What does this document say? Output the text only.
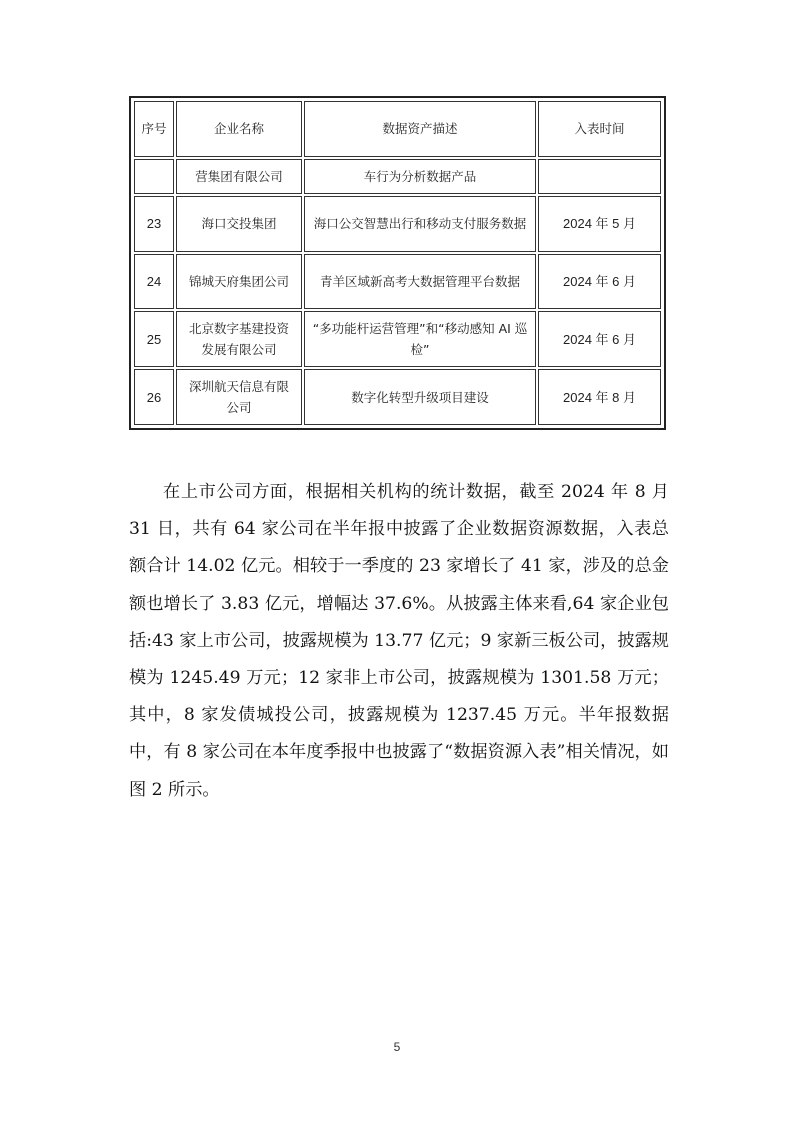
序号	企业名称	数据资产描述	入表时间
	营集团有限公司	车行为分析数据产品	
23	海口交投集团	海口公交智慧出行和移动支付服务数据	2024 年 5 月
24	锦城天府集团公司	青羊区域新高考大数据管理平台数据	2024 年 6 月
25	北京数字基建投资发展有限公司	“多功能杆运营管理”和“移动感知 AI 巡检”	2024 年 6 月
26	深圳航天信息有限公司	数字化转型升级项目建设	2024 年 8 月

在上市公司方面，根据相关机构的统计数据，截至 2024 年 8 月 31 日，共有 64 家公司在半年报中披露了企业数据资源数据，入表总额合计 14.02 亿元。相较于一季度的 23 家增长了 41 家，涉及的总金额也增长了 3.83 亿元，增幅达 37.6%。从披露主体来看,64 家企业包括:43 家上市公司，披露规模为 13.77 亿元；9 家新三板公司，披露规模为 1245.49 万元；12 家非上市公司，披露规模为 1301.58 万元；其中，8 家发债城投公司，披露规模为 1237.45 万元。半年报数据中，有 8 家公司在本年度季报中也披露了“数据资源入表”相关情况，如图 2 所示。

5
